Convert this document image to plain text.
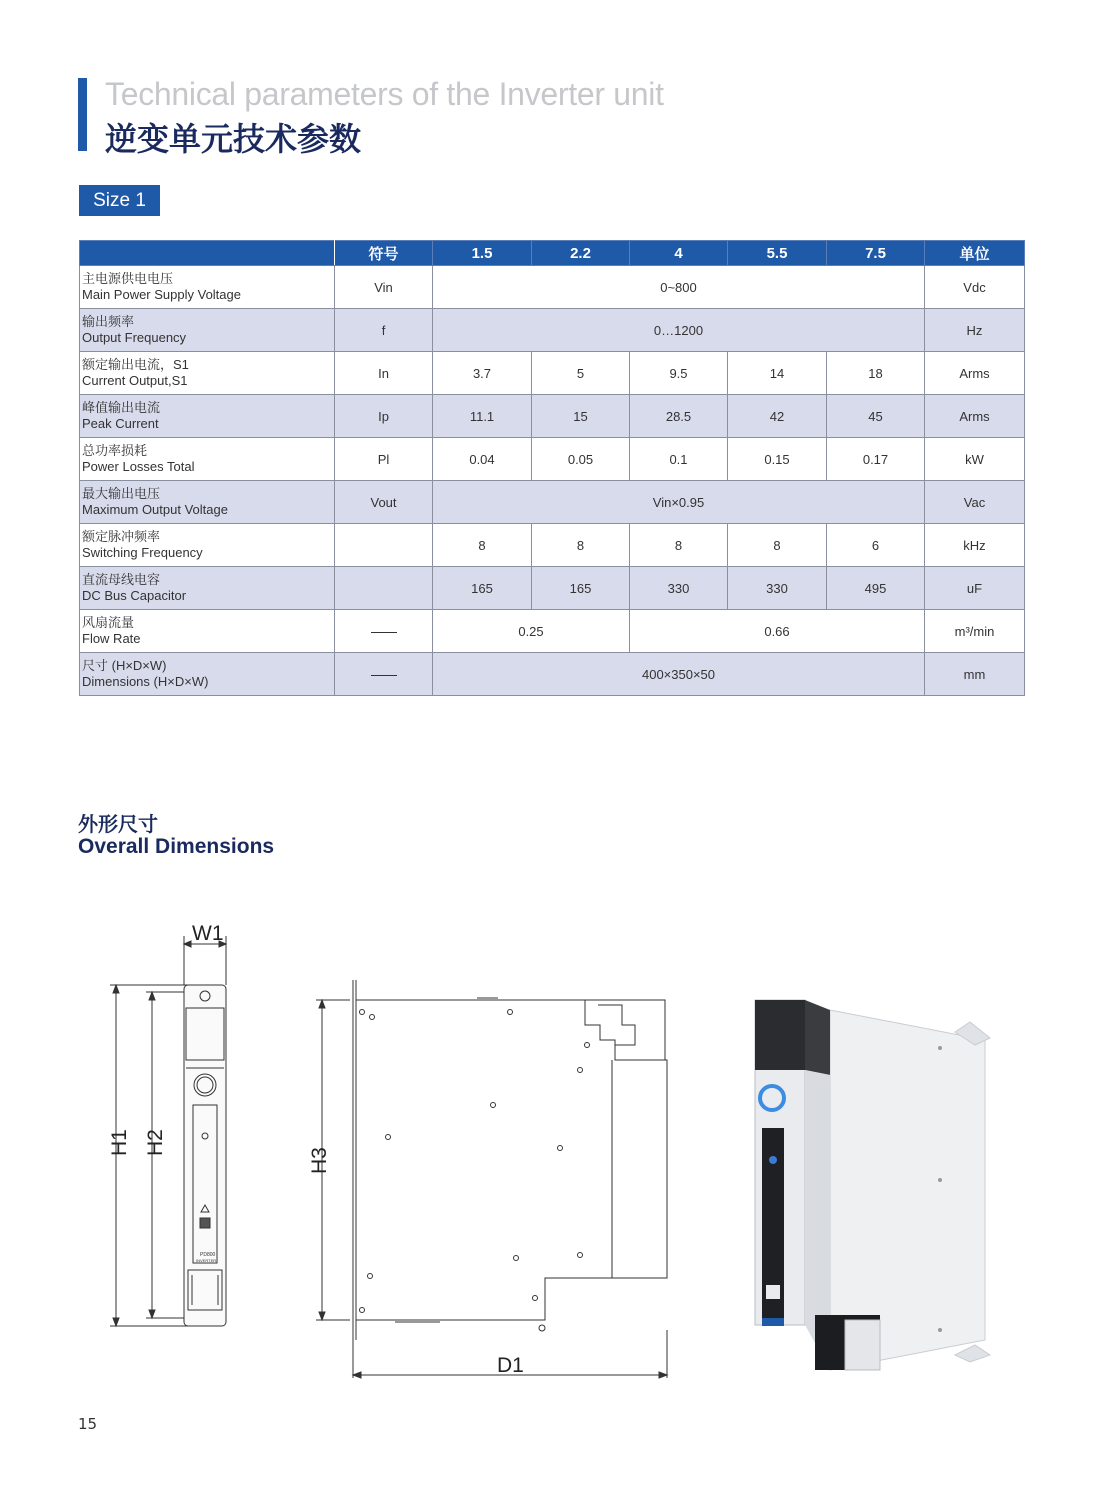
Technical parameters of the Inverter unit
逆变单元技术参数
Size 1
	符号	1.5	2.2	4	5.5	7.5	单位
主电源供电电压
Main Power Supply Voltage	Vin	0~800					Vdc
输出频率
Output Frequency	f	0…1200					Hz
额定输出电流，S1
Current Output,S1	In	3.7	5	9.5	14	18	Arms
峰值输出电流
Peak Current	Ip	11.1	15	28.5	42	45	Arms
总功率损耗
Power Losses Total	Pl	0.04	0.05	0.1	0.15	0.17	kW
最大输出电压
Maximum Output Voltage	Vout	Vin×0.95					Vac
额定脉冲频率
Switching Frequency		8	8	8	8	6	kHz
直流母线电容
DC Bus Capacitor		165	165	330	330	495	uF
风扇流量
Flow Rate		0.25		0.66			m³/min
尺寸 (H×D×W)
Dimensions (H×D×W)		400×350×50					mm
外形尺寸
Overall Dimensions
W1
H1 H2
PD800
INVERTER
H3
D1
15
